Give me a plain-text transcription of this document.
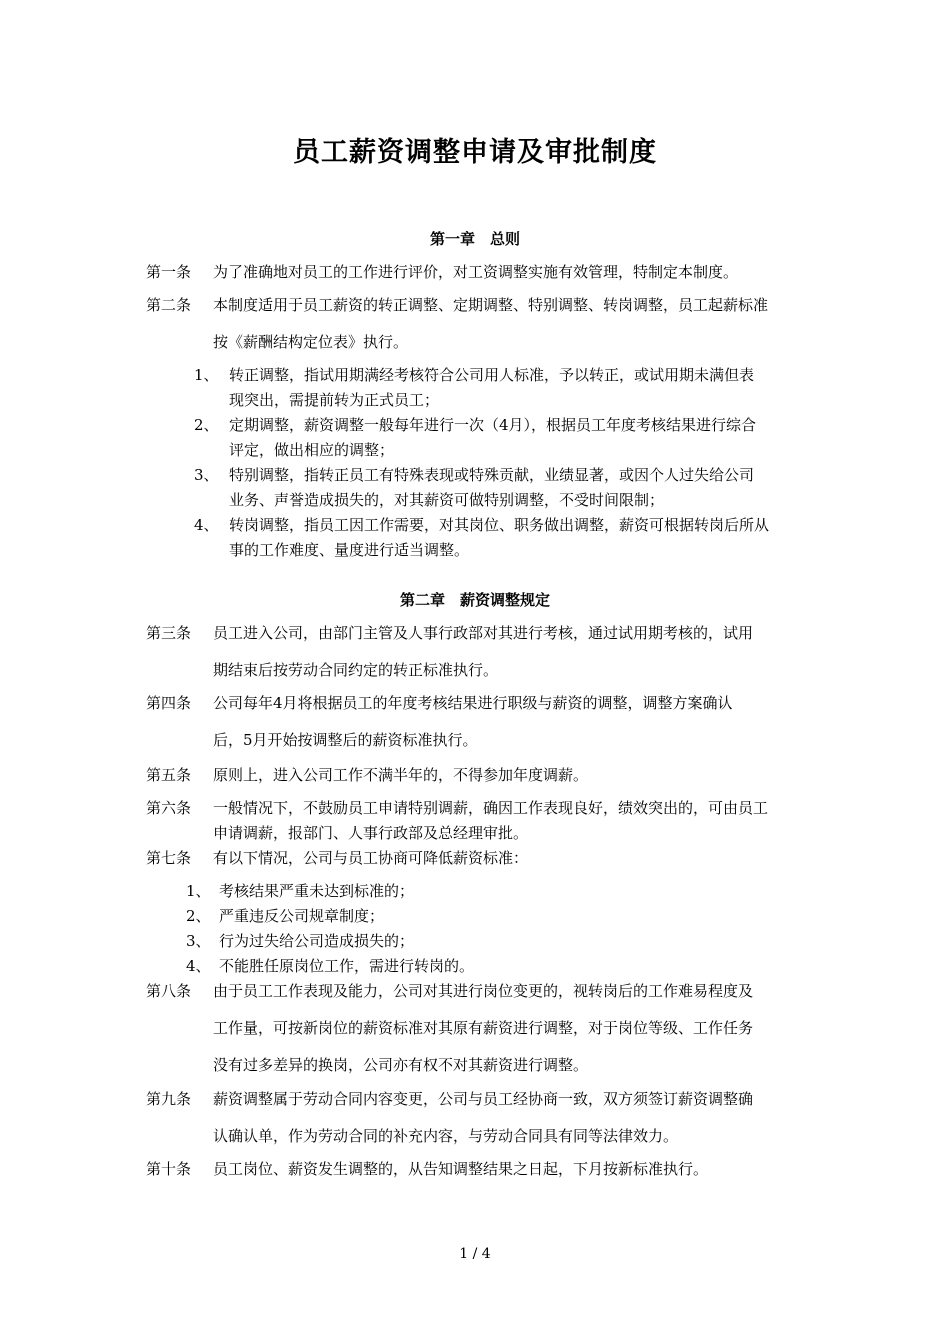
员工薪资调整申请及审批制度
第一章　总则
第一条 为了准确地对员工的工作进行评价，对工资调整实施有效管理，特制定本制度。
第二条 本制度适用于员工薪资的转正调整、定期调整、特别调整、转岗调整，员工起薪标准
按《薪酬结构定位表》执行。
1、 转正调整，指试用期满经考核符合公司用人标准，予以转正，或试用期未满但表
现突出，需提前转为正式员工；
2、 定期调整，薪资调整一般每年进行一次（4月），根据员工年度考核结果进行综合
评定，做出相应的调整；
3、 特别调整，指转正员工有特殊表现或特殊贡献，业绩显著，或因个人过失给公司
业务、声誉造成损失的，对其薪资可做特别调整，不受时间限制；
4、 转岗调整，指员工因工作需要，对其岗位、职务做出调整，薪资可根据转岗后所从
事的工作难度、量度进行适当调整。
第二章　薪资调整规定
第三条 员工进入公司，由部门主管及人事行政部对其进行考核，通过试用期考核的，试用
期结束后按劳动合同约定的转正标准执行。
第四条 公司每年4月将根据员工的年度考核结果进行职级与薪资的调整，调整方案确认
后，5月开始按调整后的薪资标准执行。
第五条 原则上，进入公司工作不满半年的，不得参加年度调薪。
第六条 一般情况下，不鼓励员工申请特别调薪，确因工作表现良好，绩效突出的，可由员工
申请调薪，报部门、人事行政部及总经理审批。
第七条 有以下情况，公司与员工协商可降低薪资标准：
1、 考核结果严重未达到标准的；
2、 严重违反公司规章制度；
3、 行为过失给公司造成损失的；
4、 不能胜任原岗位工作，需进行转岗的。
第八条 由于员工工作表现及能力，公司对其进行岗位变更的，视转岗后的工作难易程度及
工作量，可按新岗位的薪资标准对其原有薪资进行调整，对于岗位等级、工作任务
没有过多差异的换岗，公司亦有权不对其薪资进行调整。
第九条 薪资调整属于劳动合同内容变更，公司与员工经协商一致，双方须签订薪资调整确
认确认单，作为劳动合同的补充内容，与劳动合同具有同等法律效力。
第十条 员工岗位、薪资发生调整的，从告知调整结果之日起，下月按新标准执行。
1 / 4
